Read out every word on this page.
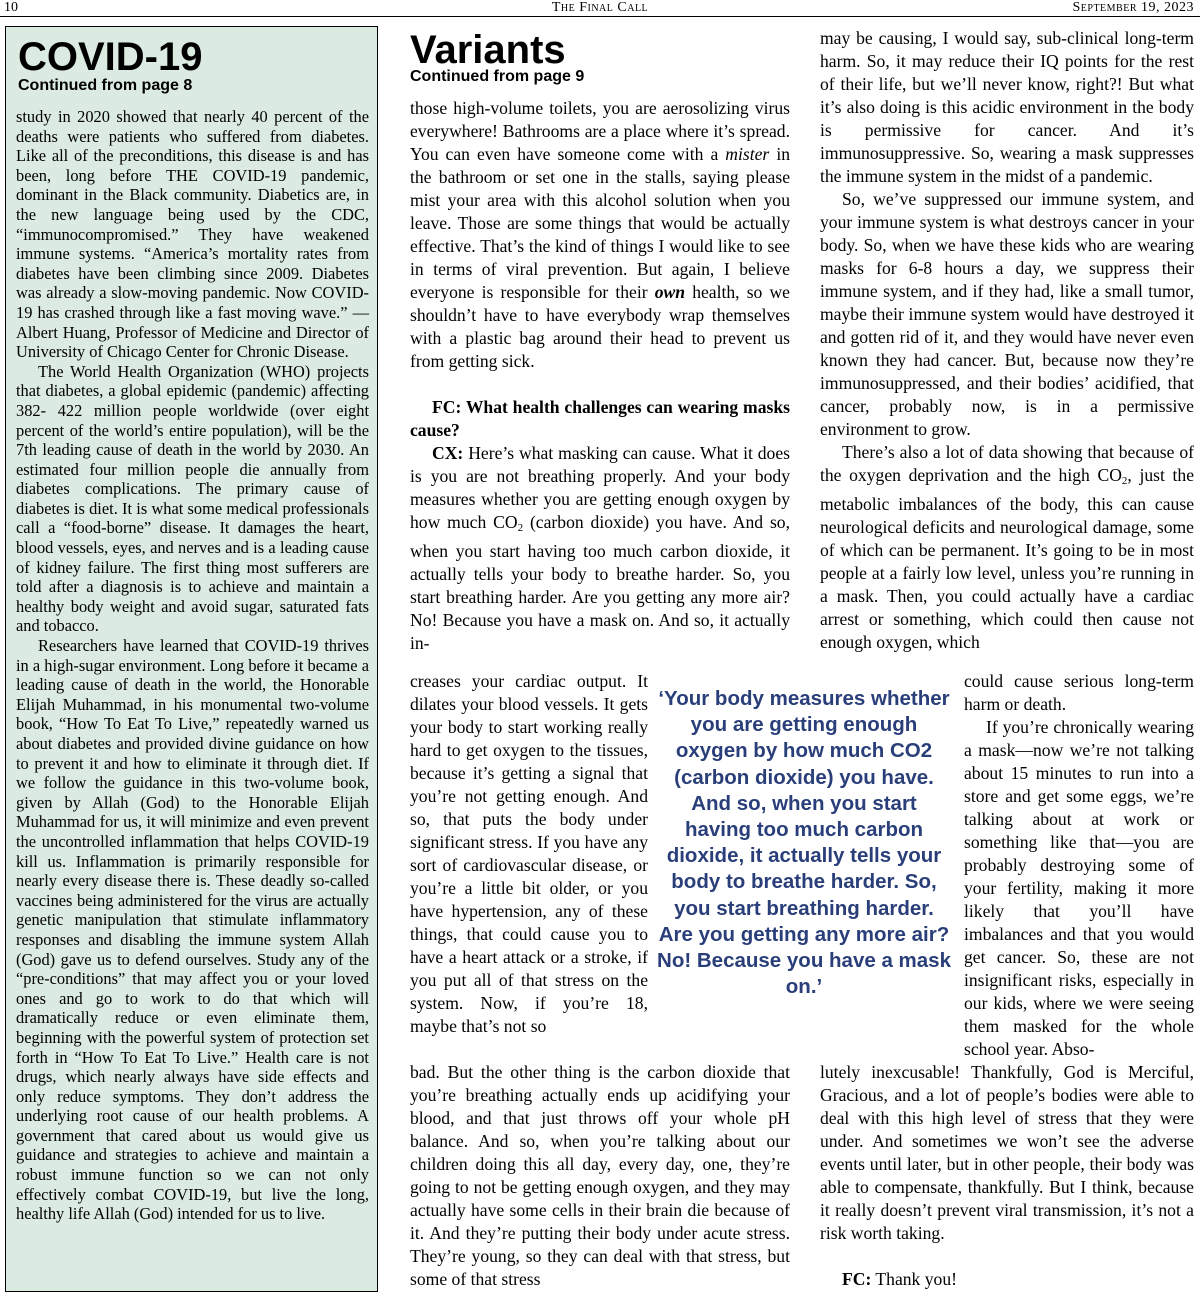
10	The Final Call	September 19, 2023
COVID-19
Continued from page 8

study in 2020 showed that nearly 40 percent of the deaths were patients who suffered from diabetes. Like all of the preconditions, this disease is and has been, long before THE COVID-19 pandemic, dominant in the Black community. Diabetics are, in the new language being used by the CDC, “immunocompromised.” They have weakened immune systems. “America’s mortality rates from diabetes have been climbing since 2009. Diabetes was already a slow-moving pandemic. Now COVID-19 has crashed through like a fast moving wave.” —Albert Huang, Professor of Medicine and Director of University of Chicago Center for Chronic Disease.

The World Health Organization (WHO) projects that diabetes, a global epidemic (pandemic) affecting 382- 422 million people worldwide (over eight percent of the world’s entire population), will be the 7th leading cause of death in the world by 2030. An estimated four million people die annually from diabetes complications. The primary cause of diabetes is diet. It is what some medical professionals call a “food-borne” disease. It damages the heart, blood vessels, eyes, and nerves and is a leading cause of kidney failure. The first thing most sufferers are told after a diagnosis is to achieve and maintain a healthy body weight and avoid sugar, saturated fats and tobacco.

Researchers have learned that COVID-19 thrives in a high-sugar environment. Long before it became a leading cause of death in the world, the Honorable Elijah Muhammad, in his monumental two-volume book, “How To Eat To Live,” repeatedly warned us about diabetes and provided divine guidance on how to prevent it and how to eliminate it through diet. If we follow the guidance in this two-volume book, given by Allah (God) to the Honorable Elijah Muhammad for us, it will minimize and even prevent the uncontrolled inflammation that helps COVID-19 kill us. Inflammation is primarily responsible for nearly every disease there is. These deadly so-called vaccines being administered for the virus are actually genetic manipulation that stimulate inflammatory responses and disabling the immune system Allah (God) gave us to defend ourselves. Study any of the “pre-conditions” that may affect you or your loved ones and go to work to do that which will dramatically reduce or even eliminate them, beginning with the powerful system of protection set forth in “How To Eat To Live.” Health care is not drugs, which nearly always have side effects and only reduce symptoms. They don’t address the underlying root cause of our health problems. A government that cared about us would give us guidance and strategies to achieve and maintain a robust immune function so we can not only effectively combat COVID-19, but live the long, healthy life Allah (God) intended for us to live.

Variants
Continued from page 9

those high-volume toilets, you are aerosolizing virus everywhere! Bathrooms are a place where it’s spread. You can even have someone come with a mister in the bathroom or set one in the stalls, saying please mist your area with this alcohol solution when you leave. Those are some things that would be actually effective. That’s the kind of things I would like to see in terms of viral prevention. But again, I believe everyone is responsible for their own health, so we shouldn’t have to have everybody wrap themselves with a plastic bag around their head to prevent us from getting sick.

FC: What health challenges can wearing masks cause?

CX: Here’s what masking can cause. What it does is you are not breathing properly. And your body measures whether you are getting enough oxygen by how much $CO_2$ (carbon dioxide) you have. And so, when you start having too much carbon dioxide, it actually tells your body to breathe harder. So, you start breathing harder. Are you getting any more air? No! Because you have a mask on. And so, it actually in-

creases your cardiac output. It dilates your blood vessels. It gets your body to start working really hard to get oxygen to the tissues, because it’s getting a signal that you’re not getting enough. And so, that puts the body under significant stress. If you have any sort of cardiovascular disease, or you’re a little bit older, or you have hypertension, any of these things, that could cause you to have a heart attack or a stroke, if you put all of that stress on the system. Now, if you’re 18, maybe that’s not so

‘Your body measures whether you are getting enough oxygen by how much CO2 (carbon dioxide) you have. And so, when you start having too much carbon dioxide, it actually tells your body to breathe harder. So, you start breathing harder. Are you getting any more air? No! Because you have a mask on.’

bad. But the other thing is the carbon dioxide that you’re breathing actually ends up acidifying your blood, and that just throws off your whole pH balance. And so, when you’re talking about our children doing this all day, every day, one, they’re going to not be getting enough oxygen, and they may actually have some cells in their brain die because of it. And they’re putting their body under acute stress. They’re young, so they can deal with that stress, but some of that stress

may be causing, I would say, sub-clinical long-term harm. So, it may reduce their IQ points for the rest of their life, but we’ll never know, right?! But what it’s also doing is this acidic environment in the body is permissive for cancer. And it’s immunosuppressive. So, wearing a mask suppresses the immune system in the midst of a pandemic.

So, we’ve suppressed our immune system, and your immune system is what destroys cancer in your body. So, when we have these kids who are wearing masks for 6-8 hours a day, we suppress their immune system, and if they had, like a small tumor, maybe their immune system would have destroyed it and gotten rid of it, and they would have never even known they had cancer. But, because now they’re immunosuppressed, and their bodies’ acidified, that cancer, probably now, is in a permissive environment to grow.

There’s also a lot of data showing that because of the oxygen deprivation and the high $CO_2$, just the metabolic imbalances of the body, this can cause neurological deficits and neurological damage, some of which can be permanent. It’s going to be in most people at a fairly low level, unless you’re running in a mask. Then, you could actually have a cardiac arrest or something, which could then cause not enough oxygen, which

could cause serious long-term harm or death.

If you’re chronically wearing a mask—now we’re not talking about 15 minutes to run into a store and get some eggs, we’re talking about at work or something like that—you are probably destroying some of your fertility, making it more likely that you’ll have imbalances and that you would get cancer. So, these are not insignificant risks, especially in our kids, where we were seeing them masked for the whole school year. Abso-

lutely inexcusable! Thankfully, God is Merciful, Gracious, and a lot of people’s bodies were able to deal with this high level of stress that they were under. And sometimes we won’t see the adverse events until later, but in other people, their body was able to compensate, thankfully. But I think, because it really doesn’t prevent viral transmission, it’s not a risk worth taking.

FC: Thank you!
